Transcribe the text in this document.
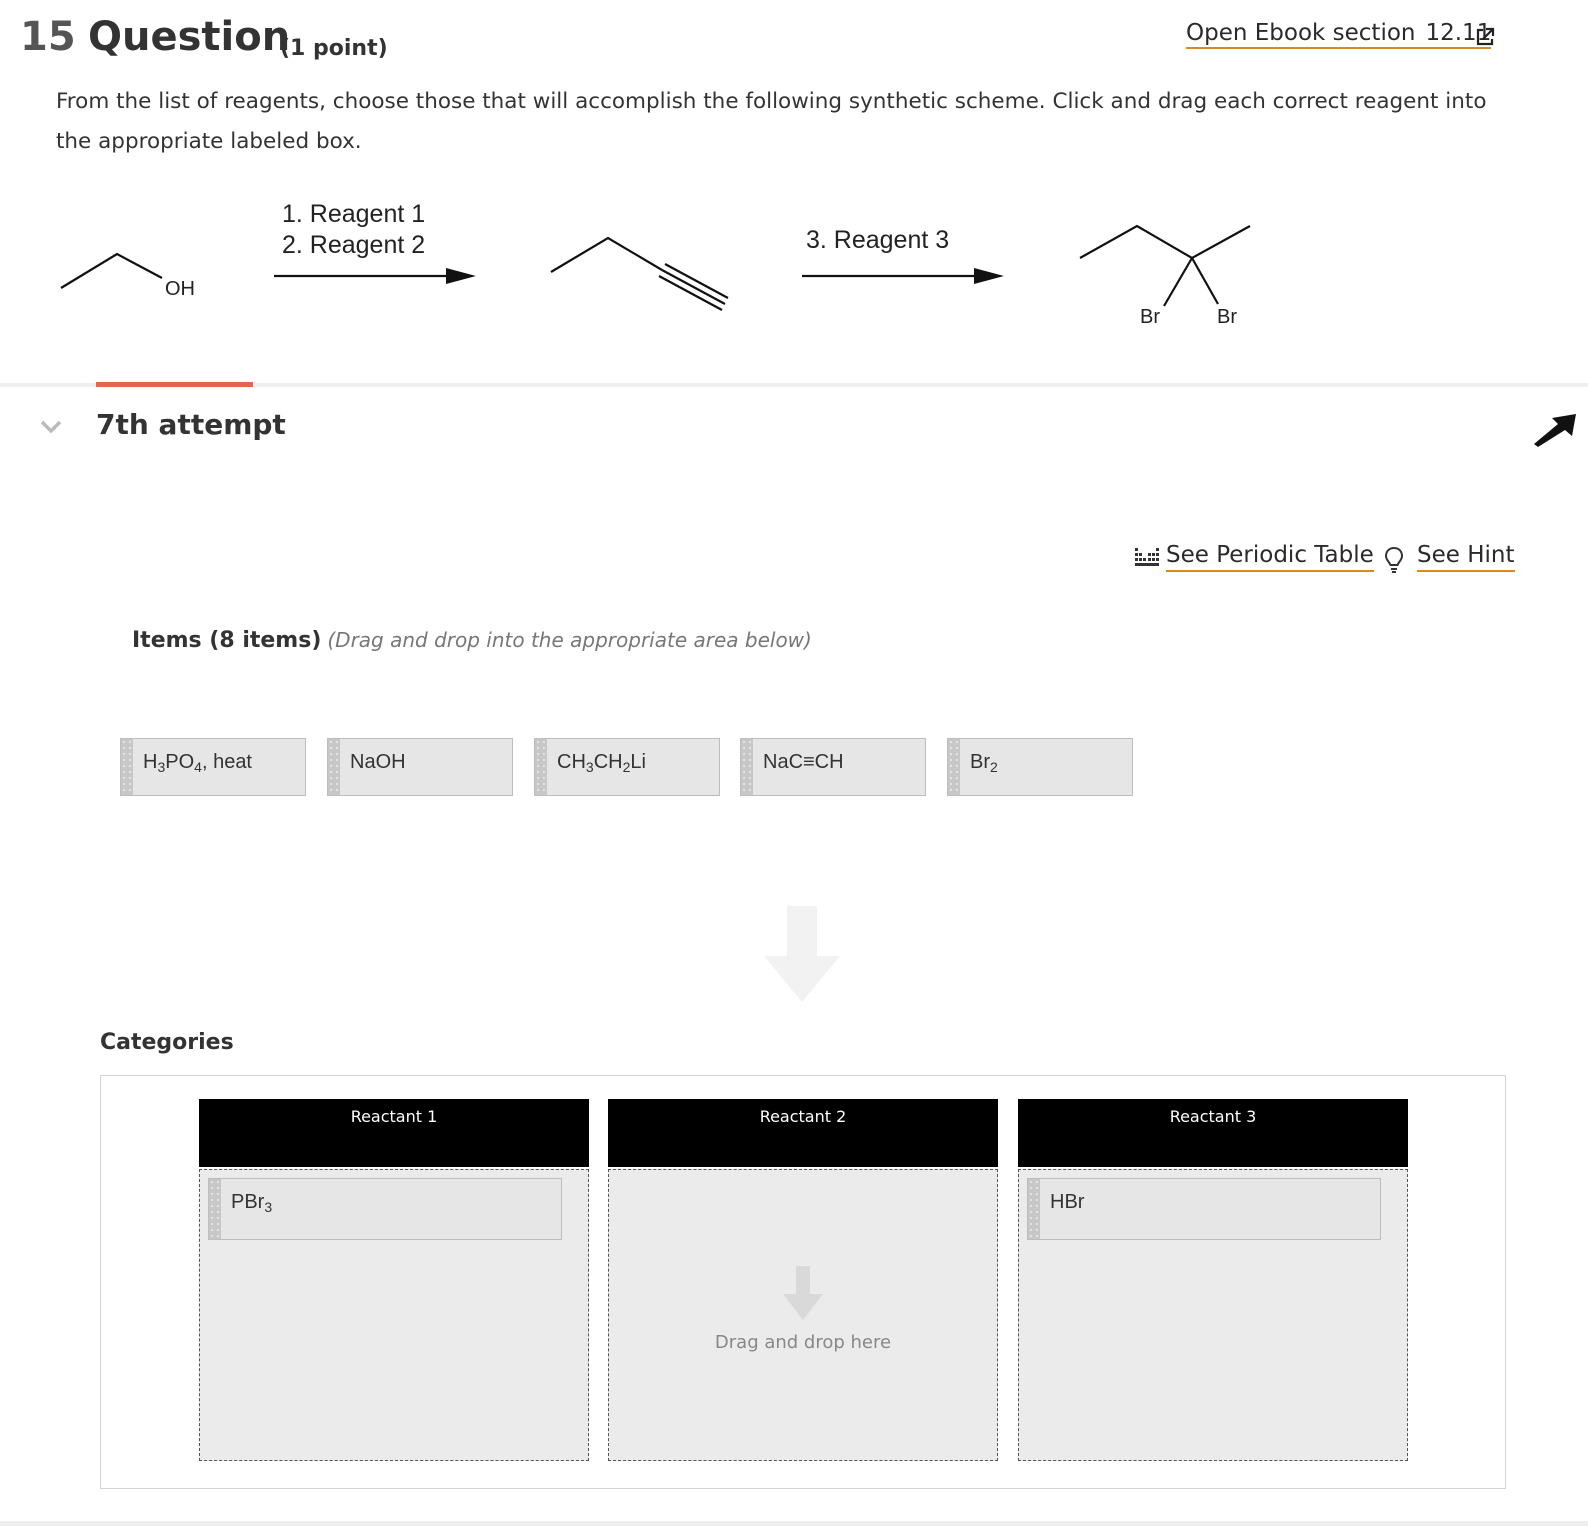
15 Question
(1 point)
Open Ebook section 12.11
From the list of reagents, choose those that will accomplish the following synthetic scheme. Click and drag each correct reagent into the appropriate labeled box.
OH
1. Reagent 1
2. Reagent 2	3. Reagent 3
Br	Br
7th attempt
See Periodic Table See Hint
Items (8 items) (Drag and drop into the appropriate area below)
$H_3PO_4$, heat	NaOH	$CH_3CH_2Li$	NaC≡CH	$Br_2$
Categories
Reactant 1
PBr$_3$
Reactant 2
Drag and drop here
Reactant 3
HBr
